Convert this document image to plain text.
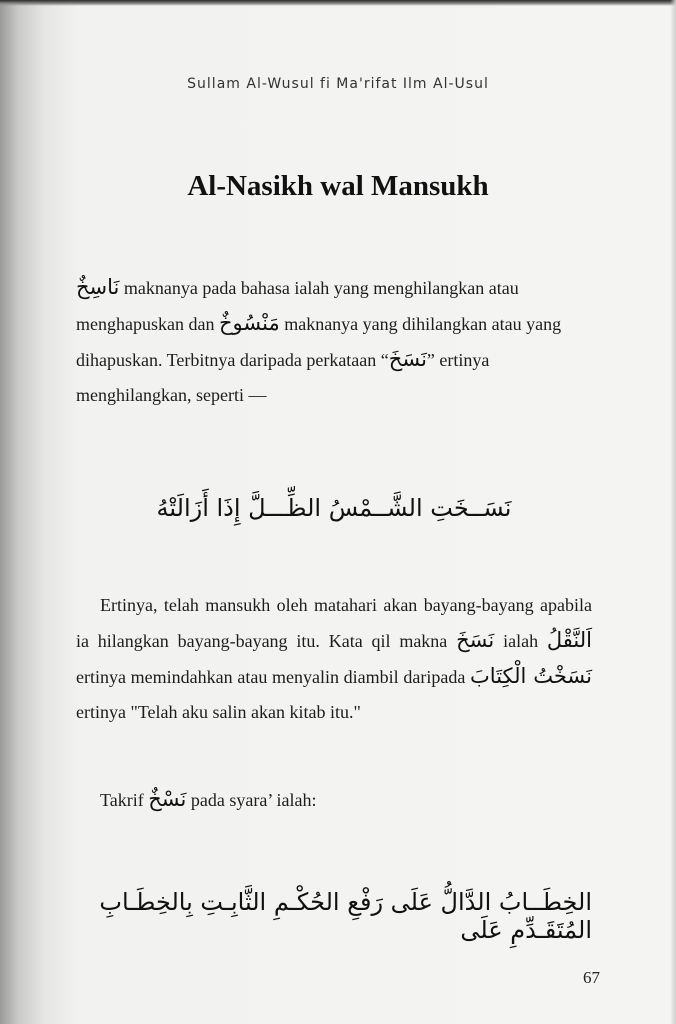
Sullam Al-Wusul fi Ma'rifat Ilm Al-Usul
Al-Nasikh wal Mansukh

نَاسِخٌ maknanya pada bahasa ialah yang menghilangkan atau menghapuskan dan مَنْسُوخٌ maknanya yang dihilangkan atau yang dihapuskan. Terbitnya daripada perkataan “نَسَخَ” ertinya menghilangkan, seperti —

نَسَــخَتِ الشَّــمْسُ الظِّـــلَّ إِذَا أَزَالَتْهُ

Ertinya, telah mansukh oleh matahari akan bayang-bayang apabila ia hilangkan bayang-bayang itu. Kata qil makna نَسَخَ ialah اَلنَّقْلُ ertinya memindahkan atau menyalin diambil daripada نَسَخْتُ الْكِتَابَ ertinya "Telah aku salin akan kitab itu."

Takrif نَسْخٌ pada syara’ ialah:

الخِطَــابُ الدَّالُّ عَلَى رَفْعِ الحُكْـمِ الثَّابِـتِ بِالخِطَـابِ المُتَقَـدِّمِ عَلَى

67
